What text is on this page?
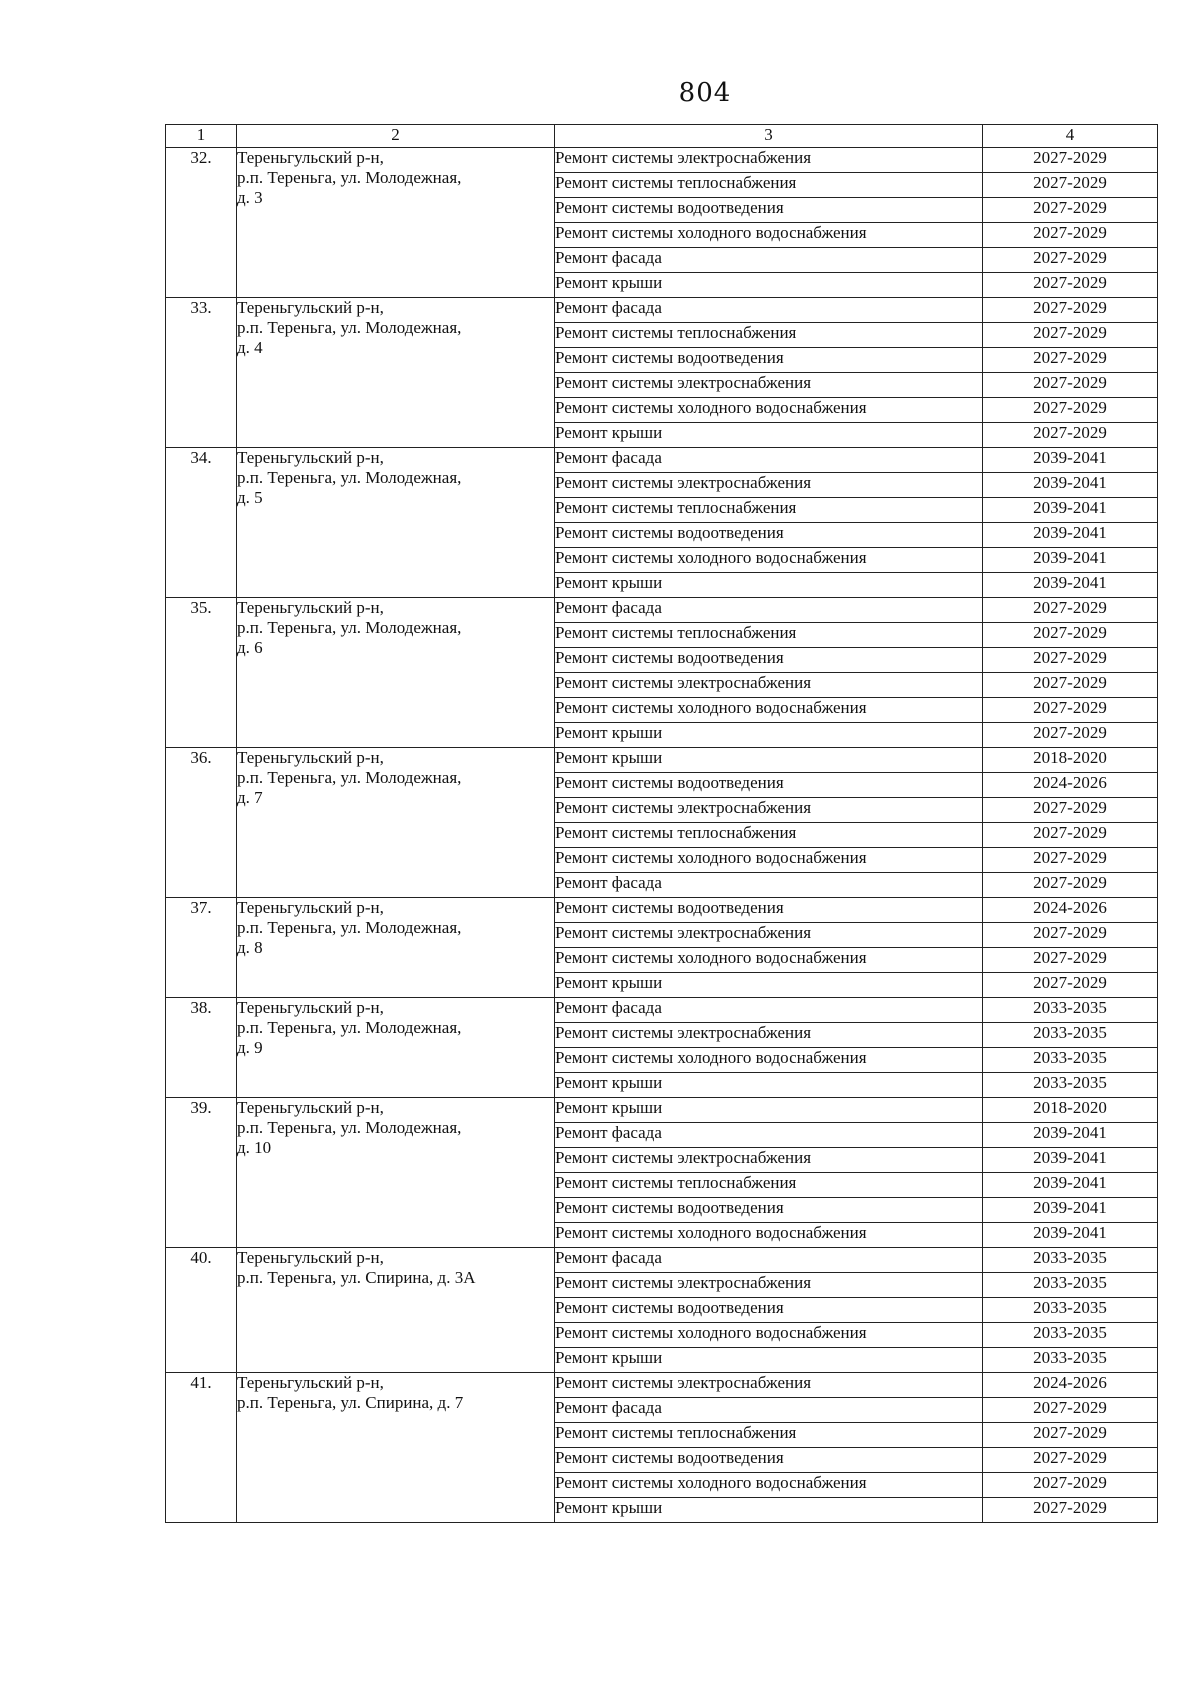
804
1	2	3	4
32.	Тереньгульский р-н,
р.п. Тереньга, ул. Молодежная,
д. 3	Ремонт системы электроснабжения	2027-2029
		Ремонт системы теплоснабжения	2027-2029
		Ремонт системы водоотведения	2027-2029
		Ремонт системы холодного водоснабжения	2027-2029
		Ремонт фасада	2027-2029
		Ремонт крыши	2027-2029
33.	Тереньгульский р-н,
р.п. Тереньга, ул. Молодежная,
д. 4	Ремонт фасада	2027-2029
		Ремонт системы теплоснабжения	2027-2029
		Ремонт системы водоотведения	2027-2029
		Ремонт системы электроснабжения	2027-2029
		Ремонт системы холодного водоснабжения	2027-2029
		Ремонт крыши	2027-2029
34.	Тереньгульский р-н,
р.п. Тереньга, ул. Молодежная,
д. 5	Ремонт фасада	2039-2041
		Ремонт системы электроснабжения	2039-2041
		Ремонт системы теплоснабжения	2039-2041
		Ремонт системы водоотведения	2039-2041
		Ремонт системы холодного водоснабжения	2039-2041
		Ремонт крыши	2039-2041
35.	Тереньгульский р-н,
р.п. Тереньга, ул. Молодежная,
д. 6	Ремонт фасада	2027-2029
		Ремонт системы теплоснабжения	2027-2029
		Ремонт системы водоотведения	2027-2029
		Ремонт системы электроснабжения	2027-2029
		Ремонт системы холодного водоснабжения	2027-2029
		Ремонт крыши	2027-2029
36.	Тереньгульский р-н,
р.п. Тереньга, ул. Молодежная,
д. 7	Ремонт крыши	2018-2020
		Ремонт системы водоотведения	2024-2026
		Ремонт системы электроснабжения	2027-2029
		Ремонт системы теплоснабжения	2027-2029
		Ремонт системы холодного водоснабжения	2027-2029
		Ремонт фасада	2027-2029
37.	Тереньгульский р-н,
р.п. Тереньга, ул. Молодежная,
д. 8	Ремонт системы водоотведения	2024-2026
		Ремонт системы электроснабжения	2027-2029
		Ремонт системы холодного водоснабжения	2027-2029
		Ремонт крыши	2027-2029
38.	Тереньгульский р-н,
р.п. Тереньга, ул. Молодежная,
д. 9	Ремонт фасада	2033-2035
		Ремонт системы электроснабжения	2033-2035
		Ремонт системы холодного водоснабжения	2033-2035
		Ремонт крыши	2033-2035
39.	Тереньгульский р-н,
р.п. Тереньга, ул. Молодежная,
д. 10	Ремонт крыши	2018-2020
		Ремонт фасада	2039-2041
		Ремонт системы электроснабжения	2039-2041
		Ремонт системы теплоснабжения	2039-2041
		Ремонт системы водоотведения	2039-2041
		Ремонт системы холодного водоснабжения	2039-2041
40.	Тереньгульский р-н,
р.п. Тереньга, ул. Спирина, д. 3А	Ремонт фасада	2033-2035
		Ремонт системы электроснабжения	2033-2035
		Ремонт системы водоотведения	2033-2035
		Ремонт системы холодного водоснабжения	2033-2035
		Ремонт крыши	2033-2035
41.	Тереньгульский р-н,
р.п. Тереньга, ул. Спирина, д. 7	Ремонт системы электроснабжения	2024-2026
		Ремонт фасада	2027-2029
		Ремонт системы теплоснабжения	2027-2029
		Ремонт системы водоотведения	2027-2029
		Ремонт системы холодного водоснабжения	2027-2029
		Ремонт крыши	2027-2029
